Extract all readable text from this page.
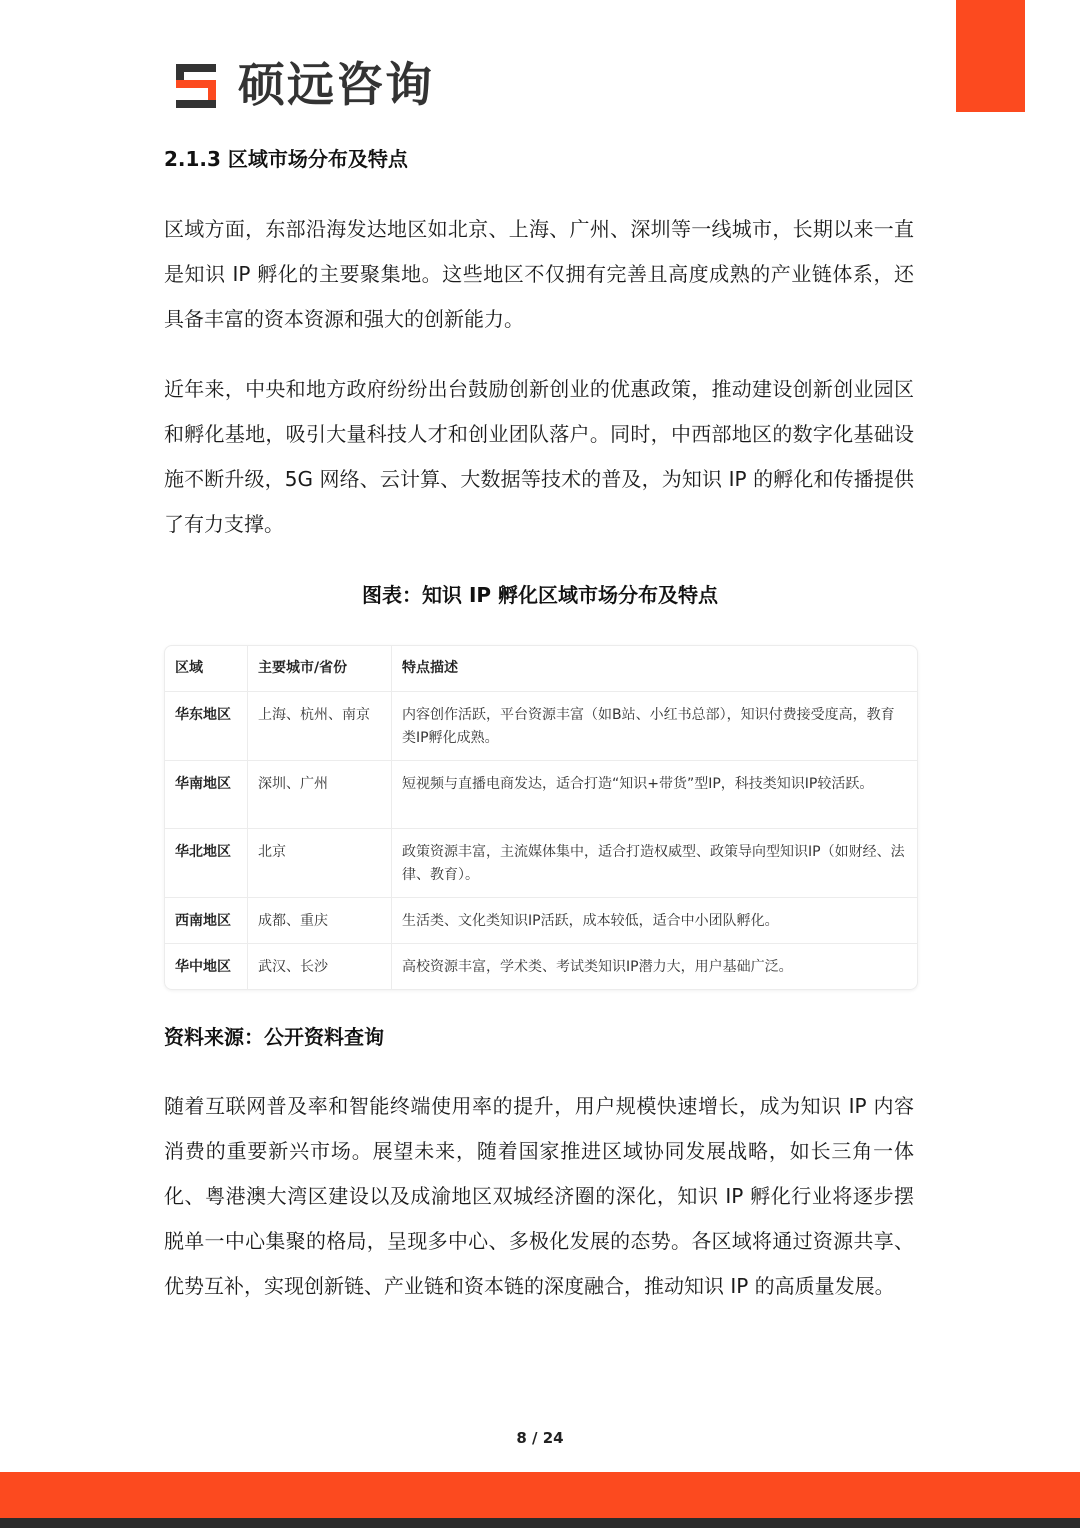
硕远咨询
2.1.3 区域市场分布及特点

区域方面，东部沿海发达地区如北京、上海、广州、深圳等一线城市，长期以来一直是知识 IP 孵化的主要聚集地。这些地区不仅拥有完善且高度成熟的产业链体系，还具备丰富的资本资源和强大的创新能力。

近年来，中央和地方政府纷纷出台鼓励创新创业的优惠政策，推动建设创新创业园区和孵化基地，吸引大量科技人才和创业团队落户。同时，中西部地区的数字化基础设施不断升级，5G 网络、云计算、大数据等技术的普及，为知识 IP 的孵化和传播提供了有力支撑。

图表：知识 IP 孵化区域市场分布及特点
区域	主要城市/省份	特点描述
华东地区	上海、杭州、南京	内容创作活跃，平台资源丰富（如B站、小红书总部），知识付费接受度高，教育类IP孵化成熟。
华南地区	深圳、广州	短视频与直播电商发达，适合打造“知识+带货”型IP，科技类知识IP较活跃。
华北地区	北京	政策资源丰富，主流媒体集中，适合打造权威型、政策导向型知识IP（如财经、法律、教育）。
西南地区	成都、重庆	生活类、文化类知识IP活跃，成本较低，适合中小团队孵化。
华中地区	武汉、长沙	高校资源丰富，学术类、考试类知识IP潜力大，用户基础广泛。

资料来源：公开资料查询

随着互联网普及率和智能终端使用率的提升，用户规模快速增长，成为知识 IP 内容消费的重要新兴市场。展望未来，随着国家推进区域协同发展战略，如长三角一体化、粤港澳大湾区建设以及成渝地区双城经济圈的深化，知识 IP 孵化行业将逐步摆脱单一中心集聚的格局，呈现多中心、多极化发展的态势。各区域将通过资源共享、优势互补，实现创新链、产业链和资本链的深度融合，推动知识 IP 的高质量发展。

8 / 24
